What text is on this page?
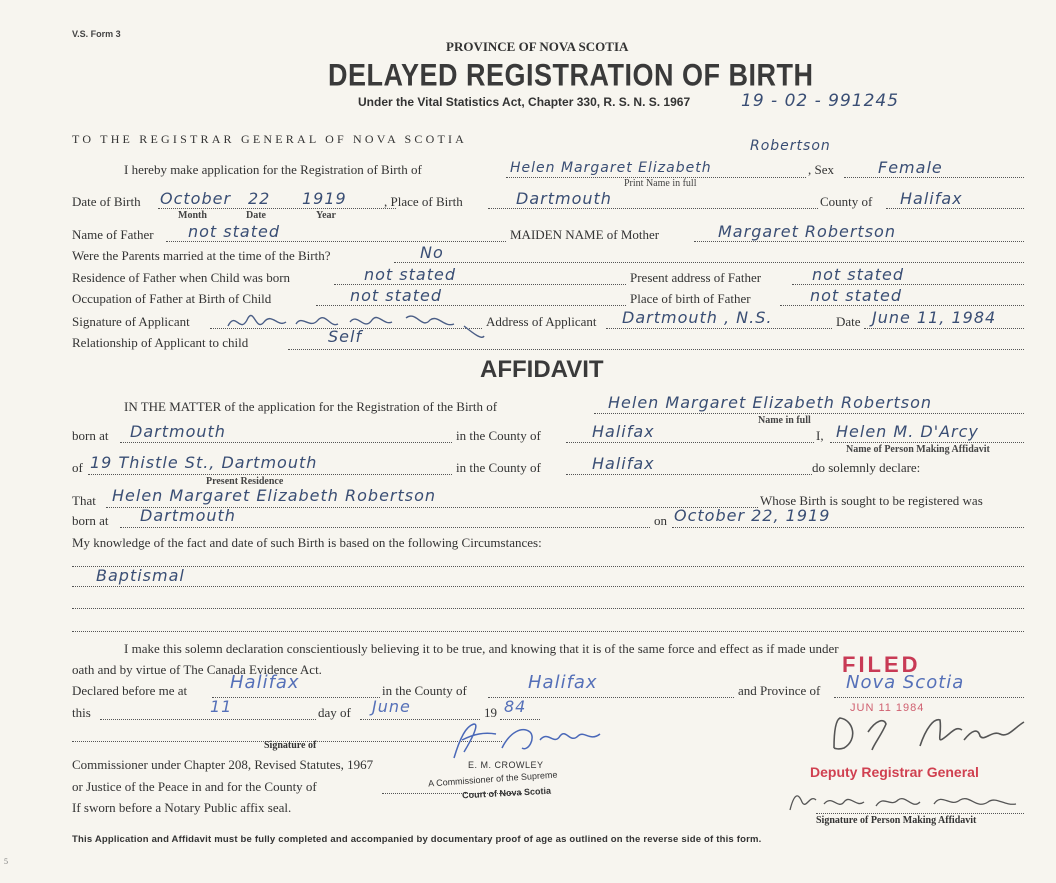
V.S. Form 3
PROVINCE OF NOVA SCOTIA
DELAYED REGISTRATION OF BIRTH
Under the Vital Statistics Act, Chapter 330, R. S. N. S. 1967	19 - 02 - 991245
TO THE REGISTRAR GENERAL OF NOVA SCOTIA
I hereby make application for the Registration of Birth of	Helen Margaret Elizabeth
Robertson
Print Name in full
, Sex	Female
Date of Birth October 22 1919
Month	Date	Year
, Place of Birth	Dartmouth	County of Halifax
Name of Father not stated	MAIDEN NAME of Mother	Margaret Robertson
Were the Parents married at the time of the Birth?	No
Residence of Father when Child was born	not stated	Present address of Father	not stated
Occupation of Father at Birth of Child	not stated	Place of birth of Father	not stated
Signature of Applicant	Address of Applicant Dartmouth , N.S.	Date June 11, 1984
Relationship of Applicant to child	Self
AFFIDAVIT
IN THE MATTER of the application for the Registration of the Birth of	Helen Margaret Elizabeth Robertson
Name in full
born at Dartmouth	in the County of	Halifax	I, Helen M. D'Arcy
Name of Person Making Affidavit
of 19 Thistle St., Dartmouth
Present Residence
in the County of	Halifax	do solemnly declare:
That Helen Margaret Elizabeth Robertson	Whose Birth is sought to be registered was
born at Dartmouth	on October 22, 1919
My knowledge of the fact and date of such Birth is based on the following Circumstances:
Baptismal
I make this solemn declaration conscientiously believing it to be true, and knowing that it is of the same force and effect as if made under
oath and by virtue of The Canada Evidence Act.
Declared before me at Halifax	in the County of	Halifax	and Province of Nova Scotia
this	11	day of June	19 84
Signature of
Commissioner under Chapter 208, Revised Statutes, 1967
or Justice of the Peace in and for the County of
If sworn before a Notary Public affix seal.
E. M. CROWLEY
A Commissioner of the Supreme
Court of Nova Scotia
FILED
JUN 11 1984
Deputy Registrar General
Signature of Person Making Affidavit
This Application and Affidavit must be fully completed and accompanied by documentary proof of age as outlined on the reverse side of this form.
5
